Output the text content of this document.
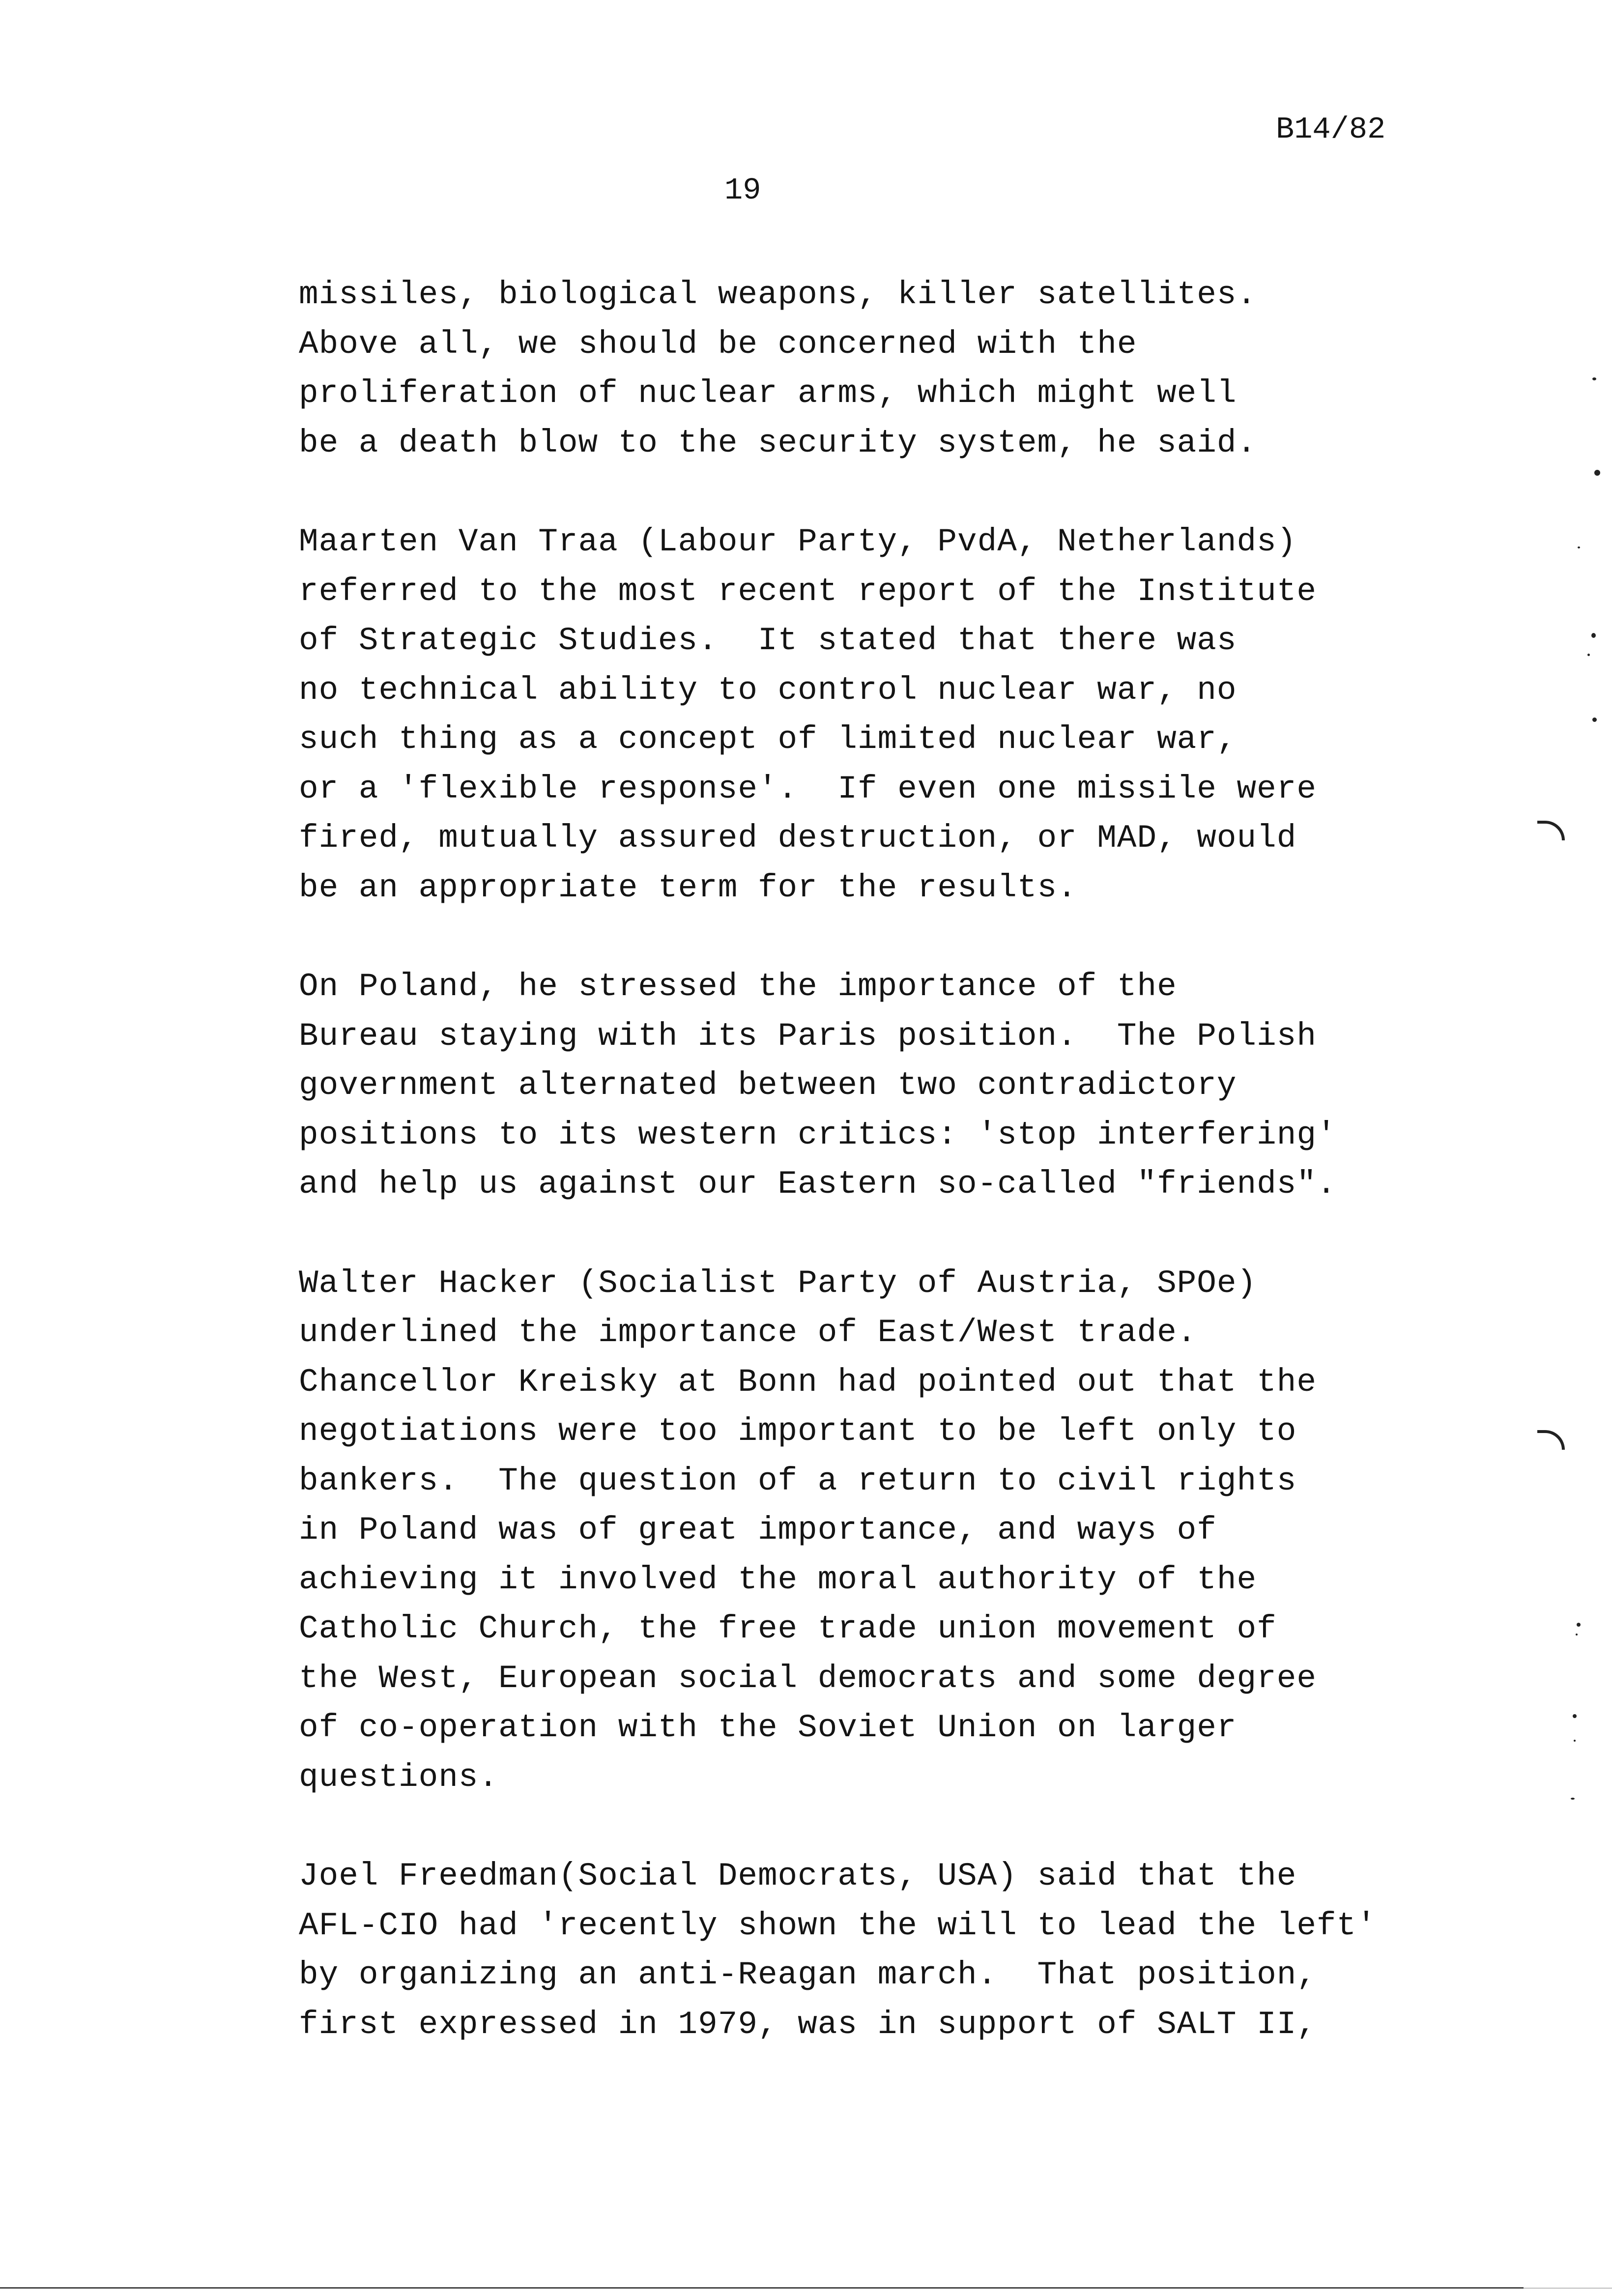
B14/82
19

missiles, biological weapons, killer satellites.
Above all, we should be concerned with the
proliferation of nuclear arms, which might well
be a death blow to the security system, he said.

Maarten Van Traa (Labour Party, PvdA, Netherlands)
referred to the most recent report of the Institute
of Strategic Studies.  It stated that there was
no technical ability to control nuclear war, no
such thing as a concept of limited nuclear war,
or a 'flexible response'.  If even one missile were
fired, mutually assured destruction, or MAD, would
be an appropriate term for the results.

On Poland, he stressed the importance of the
Bureau staying with its Paris position.  The Polish
government alternated between two contradictory
positions to its western critics: 'stop interfering'
and help us against our Eastern so-called "friends".

Walter Hacker (Socialist Party of Austria, SPOe)
underlined the importance of East/West trade.
Chancellor Kreisky at Bonn had pointed out that the
negotiations were too important to be left only to
bankers.  The question of a return to civil rights
in Poland was of great importance, and ways of
achieving it involved the moral authority of the
Catholic Church, the free trade union movement of
the West, European social democrats and some degree
of co-operation with the Soviet Union on larger
questions.

Joel Freedman(Social Democrats, USA) said that the
AFL-CIO had 'recently shown the will to lead the left'
by organizing an anti-Reagan march.  That position,
first expressed in 1979, was in support of SALT II,
